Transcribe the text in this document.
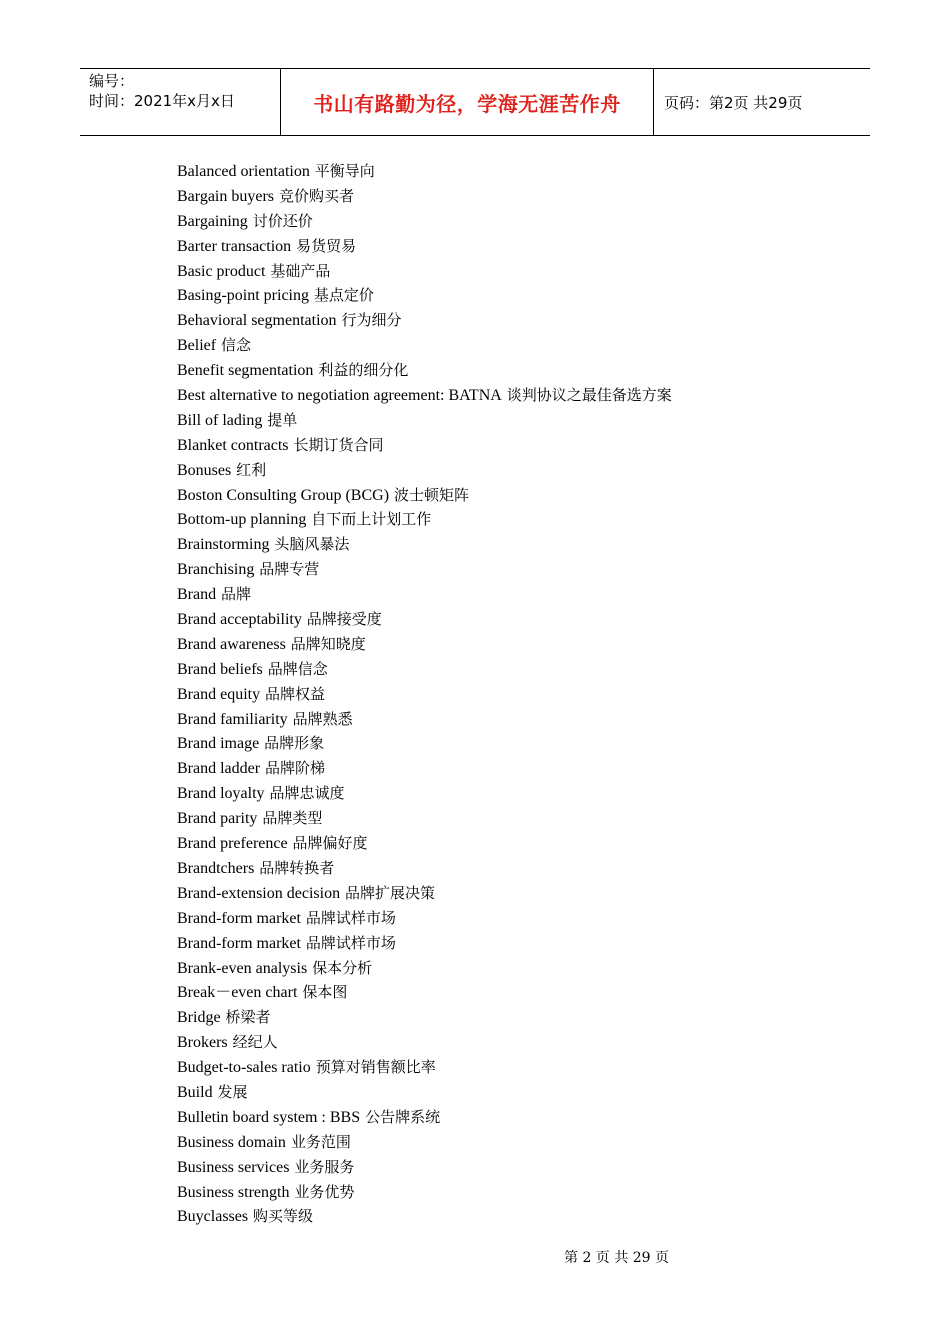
编号：
时间：2021年x月x日	书山有路勤为径，学海无涯苦作舟	页码：第2页 共29页
Balanced orientation 平衡导向
Bargain buyers 竞价购买者
Bargaining 讨价还价
Barter transaction 易货贸易
Basic product 基础产品
Basing-point pricing 基点定价
Behavioral segmentation 行为细分
Belief 信念
Benefit segmentation 利益的细分化
Best alternative to negotiation agreement: BATNA 谈判协议之最佳备选方案
Bill of lading 提单
Blanket contracts 长期订货合同
Bonuses 红利
Boston Consulting Group (BCG) 波士顿矩阵
Bottom-up planning 自下而上计划工作
Brainstorming 头脑风暴法
Branchising 品牌专营
Brand 品牌
Brand acceptability 品牌接受度
Brand awareness 品牌知晓度
Brand beliefs 品牌信念
Brand equity 品牌权益
Brand familiarity 品牌熟悉
Brand image 品牌形象
Brand ladder 品牌阶梯
Brand loyalty 品牌忠诚度
Brand parity 品牌类型
Brand preference 品牌偏好度
Brandtchers 品牌转换者
Brand-extension decision 品牌扩展决策
Brand-form market 品牌试样市场
Brand-form market 品牌试样市场
Brank-even analysis 保本分析
Break－even chart 保本图
Bridge 桥梁者
Brokers 经纪人
Budget-to-sales ratio 预算对销售额比率
Build 发展
Bulletin board system : BBS 公告牌系统
Business domain 业务范围
Business services 业务服务
Business strength 业务优势
Buyclasses 购买等级
第 2 页 共 29 页
